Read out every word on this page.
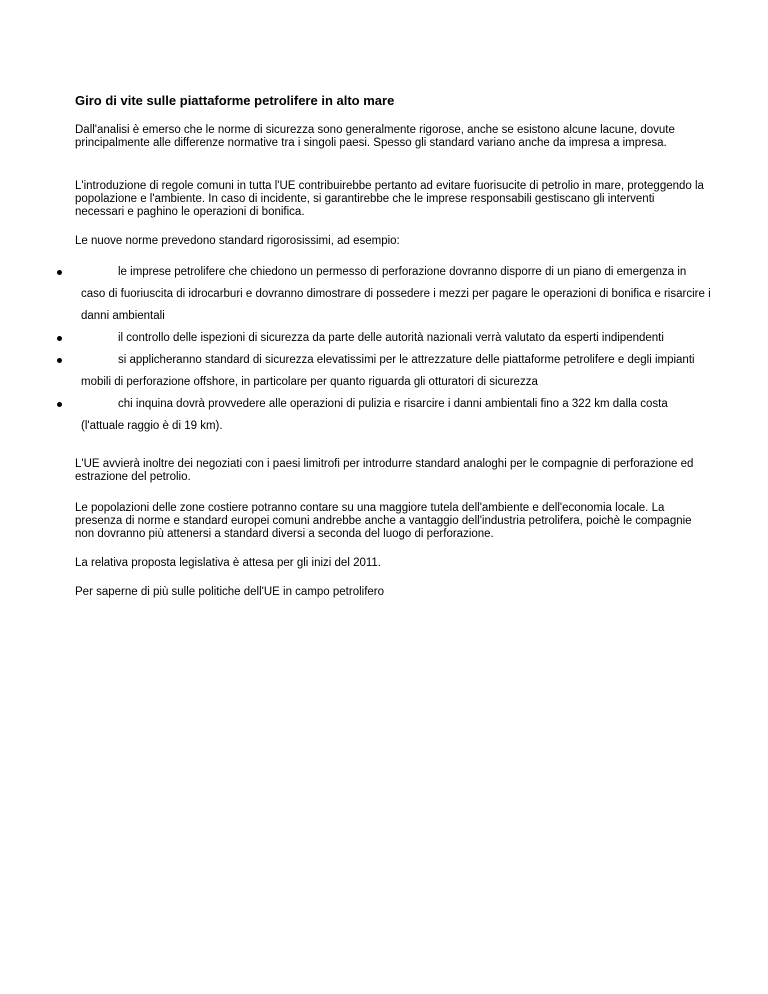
Giro di vite sulle piattaforme petrolifere in alto mare
Dall'analisi è emerso che le norme di sicurezza sono generalmente rigorose, anche se esistono alcune lacune, dovute principalmente alle differenze normative tra i singoli paesi. Spesso gli standard variano anche da impresa a impresa.
L'introduzione di regole comuni in tutta l'UE contribuirebbe pertanto ad evitare fuorisucite di petrolio in mare, proteggendo la popolazione e l'ambiente. In caso di incidente, si garantirebbe che le imprese responsabili gestiscano gli interventi necessari e paghino le operazioni di bonifica.
Le nuove norme prevedono standard rigorosissimi, ad esempio:
le imprese petrolifere che chiedono un permesso di perforazione dovranno disporre di un piano di emergenza in caso di fuoriuscita di idrocarburi e dovranno dimostrare di possedere i mezzi per pagare le operazioni di bonifica e risarcire i danni ambientali
il controllo delle ispezioni di sicurezza da parte delle autorità nazionali verrà valutato da esperti indipendenti
si applicheranno standard di sicurezza elevatissimi per le attrezzature delle piattaforme petrolifere e degli impianti mobili di perforazione offshore, in particolare per quanto riguarda gli otturatori di sicurezza
chi inquina dovrà provvedere alle operazioni di pulizia e risarcire i danni ambientali fino a 322 km dalla costa (l'attuale raggio è di 19 km).
L'UE avvierà inoltre dei negoziati con i paesi limitrofi per introdurre standard analoghi per le compagnie di perforazione ed estrazione del petrolio.
Le popolazioni delle zone costiere potranno contare su una maggiore tutela dell'ambiente e dell'economia locale. La presenza di norme e standard europei comuni andrebbe anche a vantaggio dell'industria petrolifera, poichè le compagnie non dovranno più attenersi a standard diversi a seconda del luogo di perforazione.
La relativa proposta legislativa è attesa per gli inizi del 2011.
Per saperne di più sulle politiche dell'UE in campo petrolifero
